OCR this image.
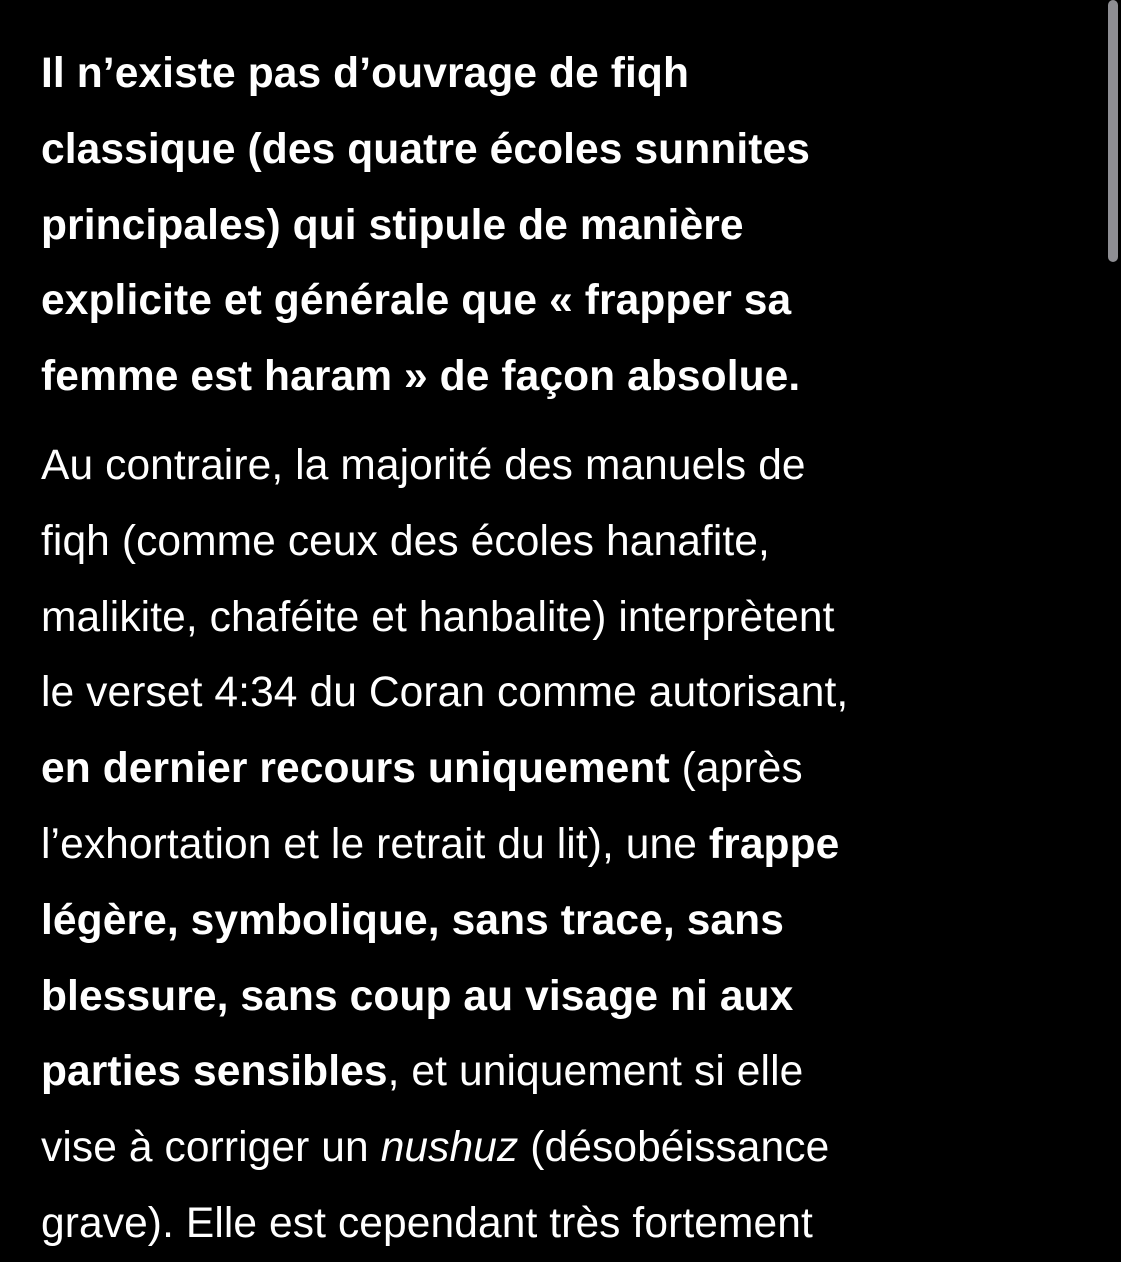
Il n’existe pas d’ouvrage de fiqh
classique (des quatre écoles sunnites
principales) qui stipule de manière
explicite et générale que « frapper sa
femme est haram » de façon absolue.

Au contraire, la majorité des manuels de
fiqh (comme ceux des écoles hanafite,
malikite, chaféite et hanbalite) interprètent
le verset 4:34 du Coran comme autorisant,
en dernier recours uniquement (après
l’exhortation et le retrait du lit), une frappe
légère, symbolique, sans trace, sans
blessure, sans coup au visage ni aux
parties sensibles, et uniquement si elle
vise à corriger un nushuz (désobéissance
grave). Elle est cependant très fortement
